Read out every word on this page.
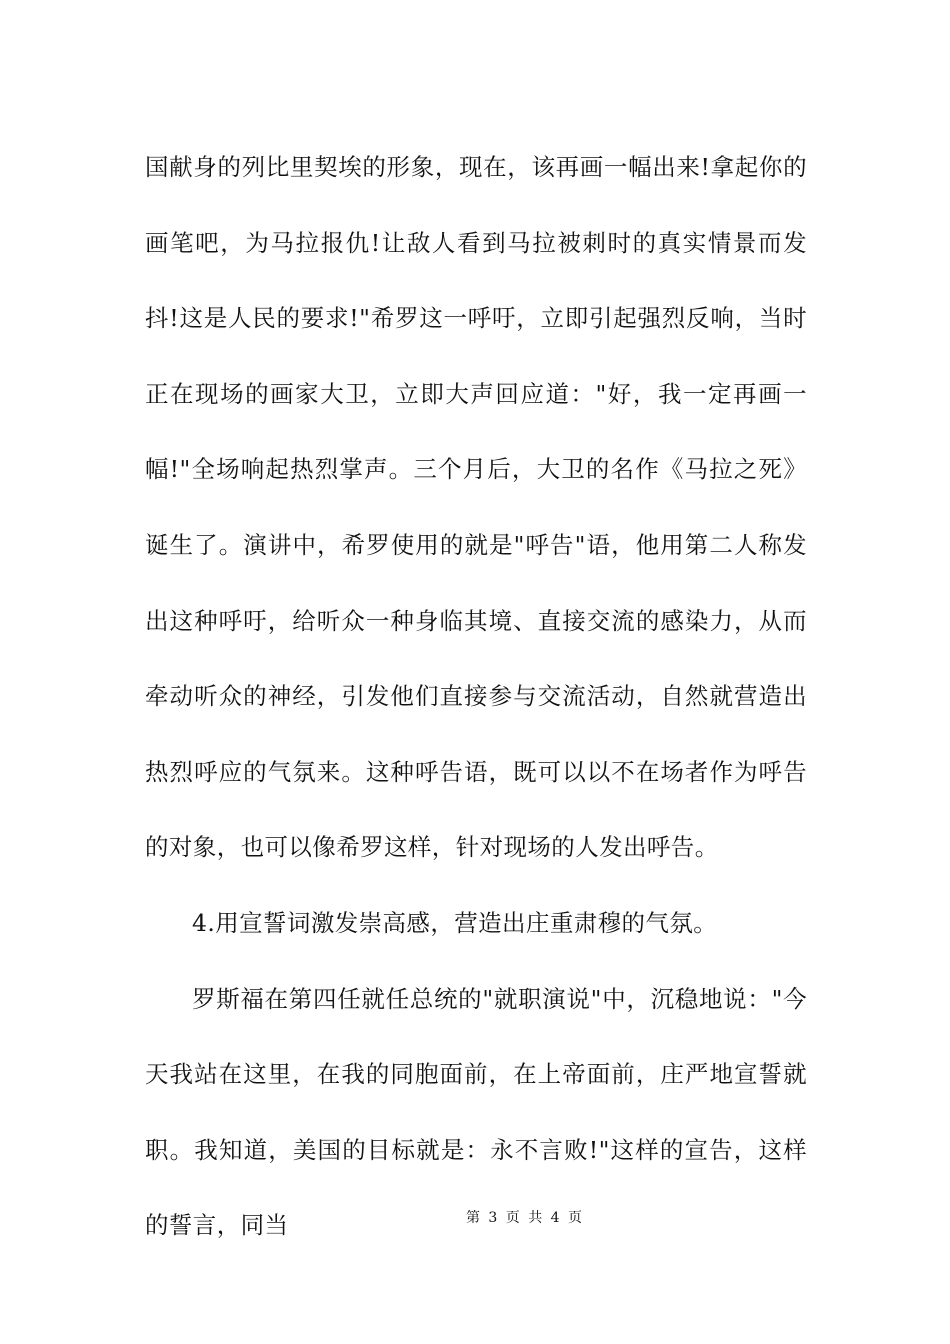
国献身的列比里契埃的形象，现在，该再画一幅出来!拿起你的画笔吧，为马拉报仇!让敌人看到马拉被刺时的真实情景而发抖!这是人民的要求!"希罗这一呼吁，立即引起强烈反响，当时正在现场的画家大卫，立即大声回应道："好，我一定再画一幅!"全场响起热烈掌声。三个月后，大卫的名作《马拉之死》诞生了。演讲中，希罗使用的就是"呼告"语，他用第二人称发出这种呼吁，给听众一种身临其境、直接交流的感染力，从而牵动听众的神经，引发他们直接参与交流活动，自然就营造出热烈呼应的气氛来。这种呼告语，既可以以不在场者作为呼告的对象，也可以像希罗这样，针对现场的人发出呼告。

4.用宣誓词激发崇高感，营造出庄重肃穆的气氛。

罗斯福在第四任就任总统的"就职演说"中，沉稳地说："今天我站在这里，在我的同胞面前，在上帝面前，庄严地宣誓就职。我知道，美国的目标就是：永不言败!"这样的宣告，这样的誓言，同当	第 3 页 共 4 页
